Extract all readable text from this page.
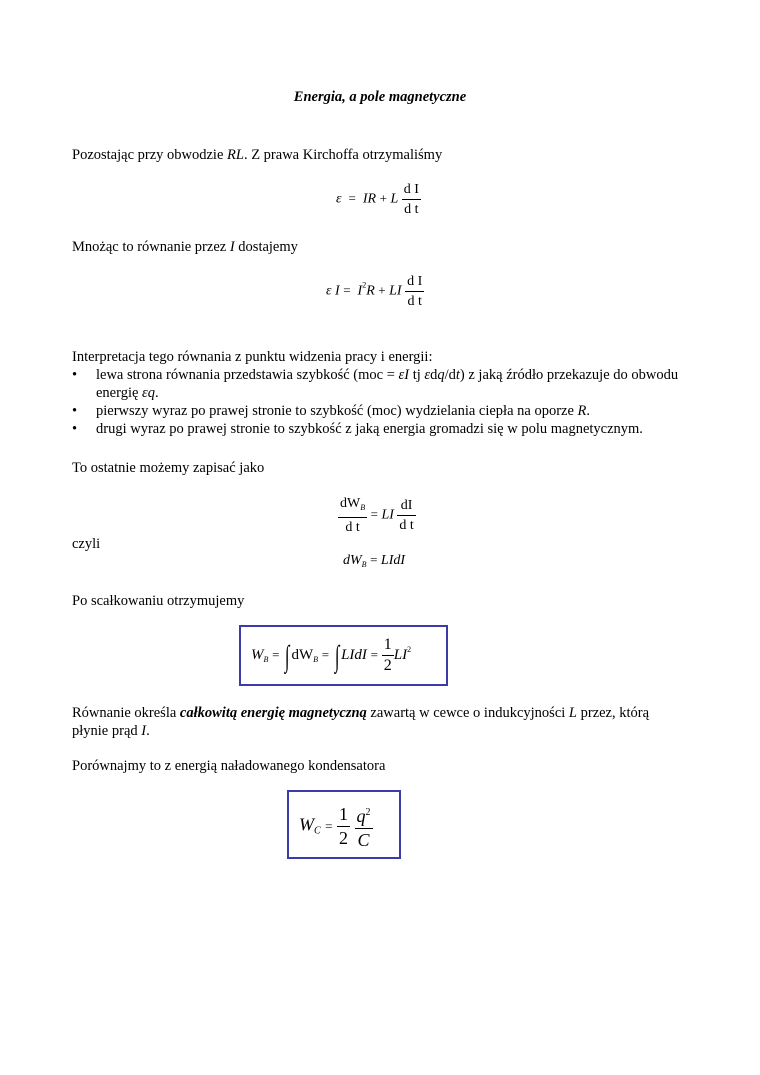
Energia, a pole magnetyczne
Pozostając przy obwodzie RL. Z prawa Kirchoffa otrzymaliśmy
ε = IR + L $\frac{\text{d I}}{\text{d t}}$
Mnożąc to równanie przez I dostajemy
ε $I = I^2R$ + LI $\frac{\text{d I}}{\text{d t}}$
Interpretacja tego równania z punktu widzenia pracy i energii:
• lewa strona równania przedstawia szybkość (moc = εI tj εdq/dt) z jaką źródło przekazuje do obwodu energię εq.
• pierwszy wyraz po prawej stronie to szybkość (moc) wydzielania ciepła na oporze R.
• drugi wyraz po prawej stronie to szybkość z jaką energia gromadzi się w polu magnetycznym.
To ostatnie możemy zapisać jako
$\frac{dW_B}{\text{d t}}$ = LI $\frac{dI}{\text{d t}}$
czyli
$dW_B$ = LIdI
Po scałkowaniu otrzymujemy
$W_B$ = ∫ $dW_B$ = ∫ LIdI = $\frac{1}{2} LI^2$
Równanie określa całkowitą energię magnetyczną zawartą w cewce o indukcyjności L przez, którą
płynie prąd I.
Porównajmy to z energią naładowanego kondensatora
$W_C = \frac{1}{2}$
$\frac{q^2}{C}$
